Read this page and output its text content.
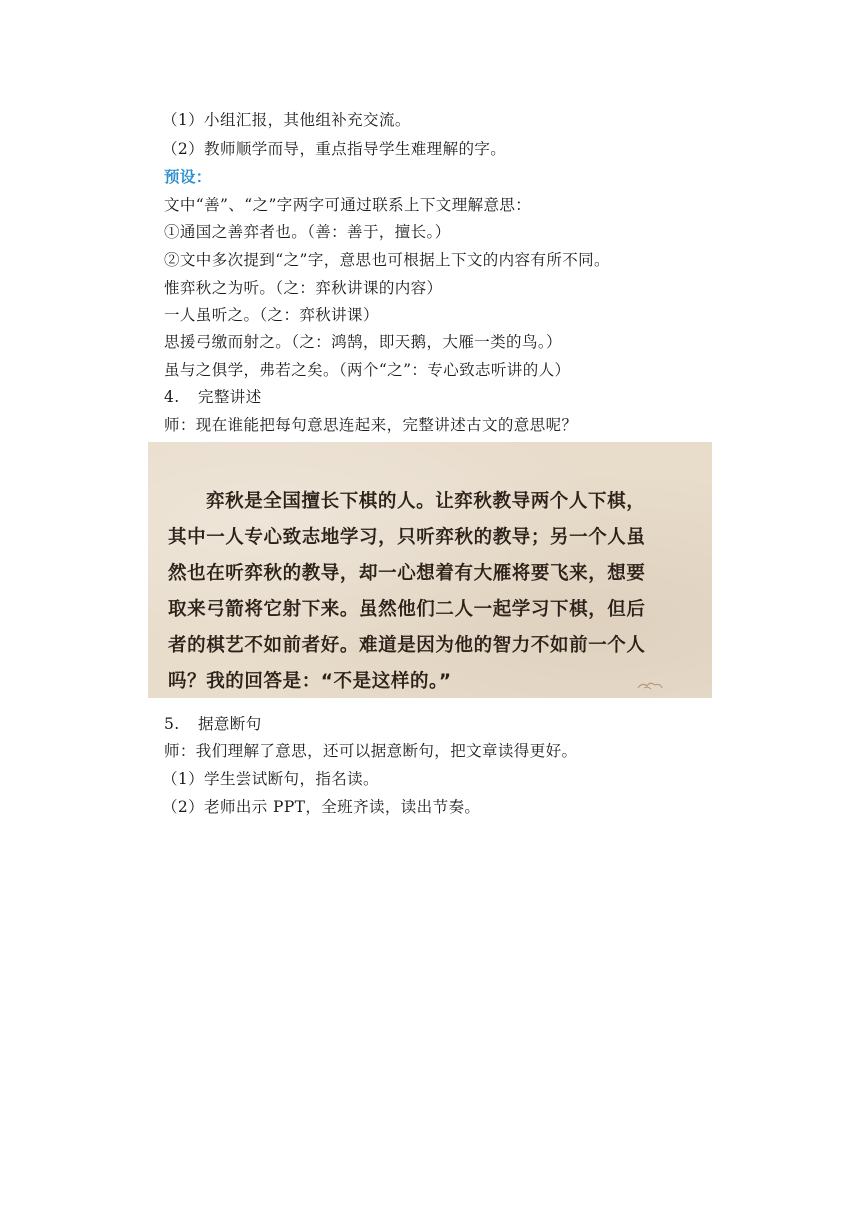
（1）小组汇报，其他组补充交流。
（2）教师顺学而导，重点指导学生难理解的字。
预设：
文中“善”、“之”字两字可通过联系上下文理解意思：
①通国之善弈者也。（善：善于，擅长。）
②文中多次提到“之”字，意思也可根据上下文的内容有所不同。
惟弈秋之为听。（之：弈秋讲课的内容）
一人虽听之。（之：弈秋讲课）
思援弓缴而射之。（之：鸿鹄，即天鹅，大雁一类的鸟。）
虽与之俱学，弗若之矣。（两个“之”：专心致志听讲的人）
4. 完整讲述
师：现在谁能把每句意思连起来，完整讲述古文的意思呢？
弈秋是全国擅长下棋的人。让弈秋教导两个人下棋，
其中一人专心致志地学习，只听弈秋的教导；另一个人虽
然也在听弈秋的教导，却一心想着有大雁将要飞来，想要
取来弓箭将它射下来。虽然他们二人一起学习下棋，但后
者的棋艺不如前者好。难道是因为他的智力不如前一个人
吗？我的回答是：“不是这样的。”
5. 据意断句
师：我们理解了意思，还可以据意断句，把文章读得更好。
（1）学生尝试断句，指名读。
（2）老师出示 PPT，全班齐读，读出节奏。
